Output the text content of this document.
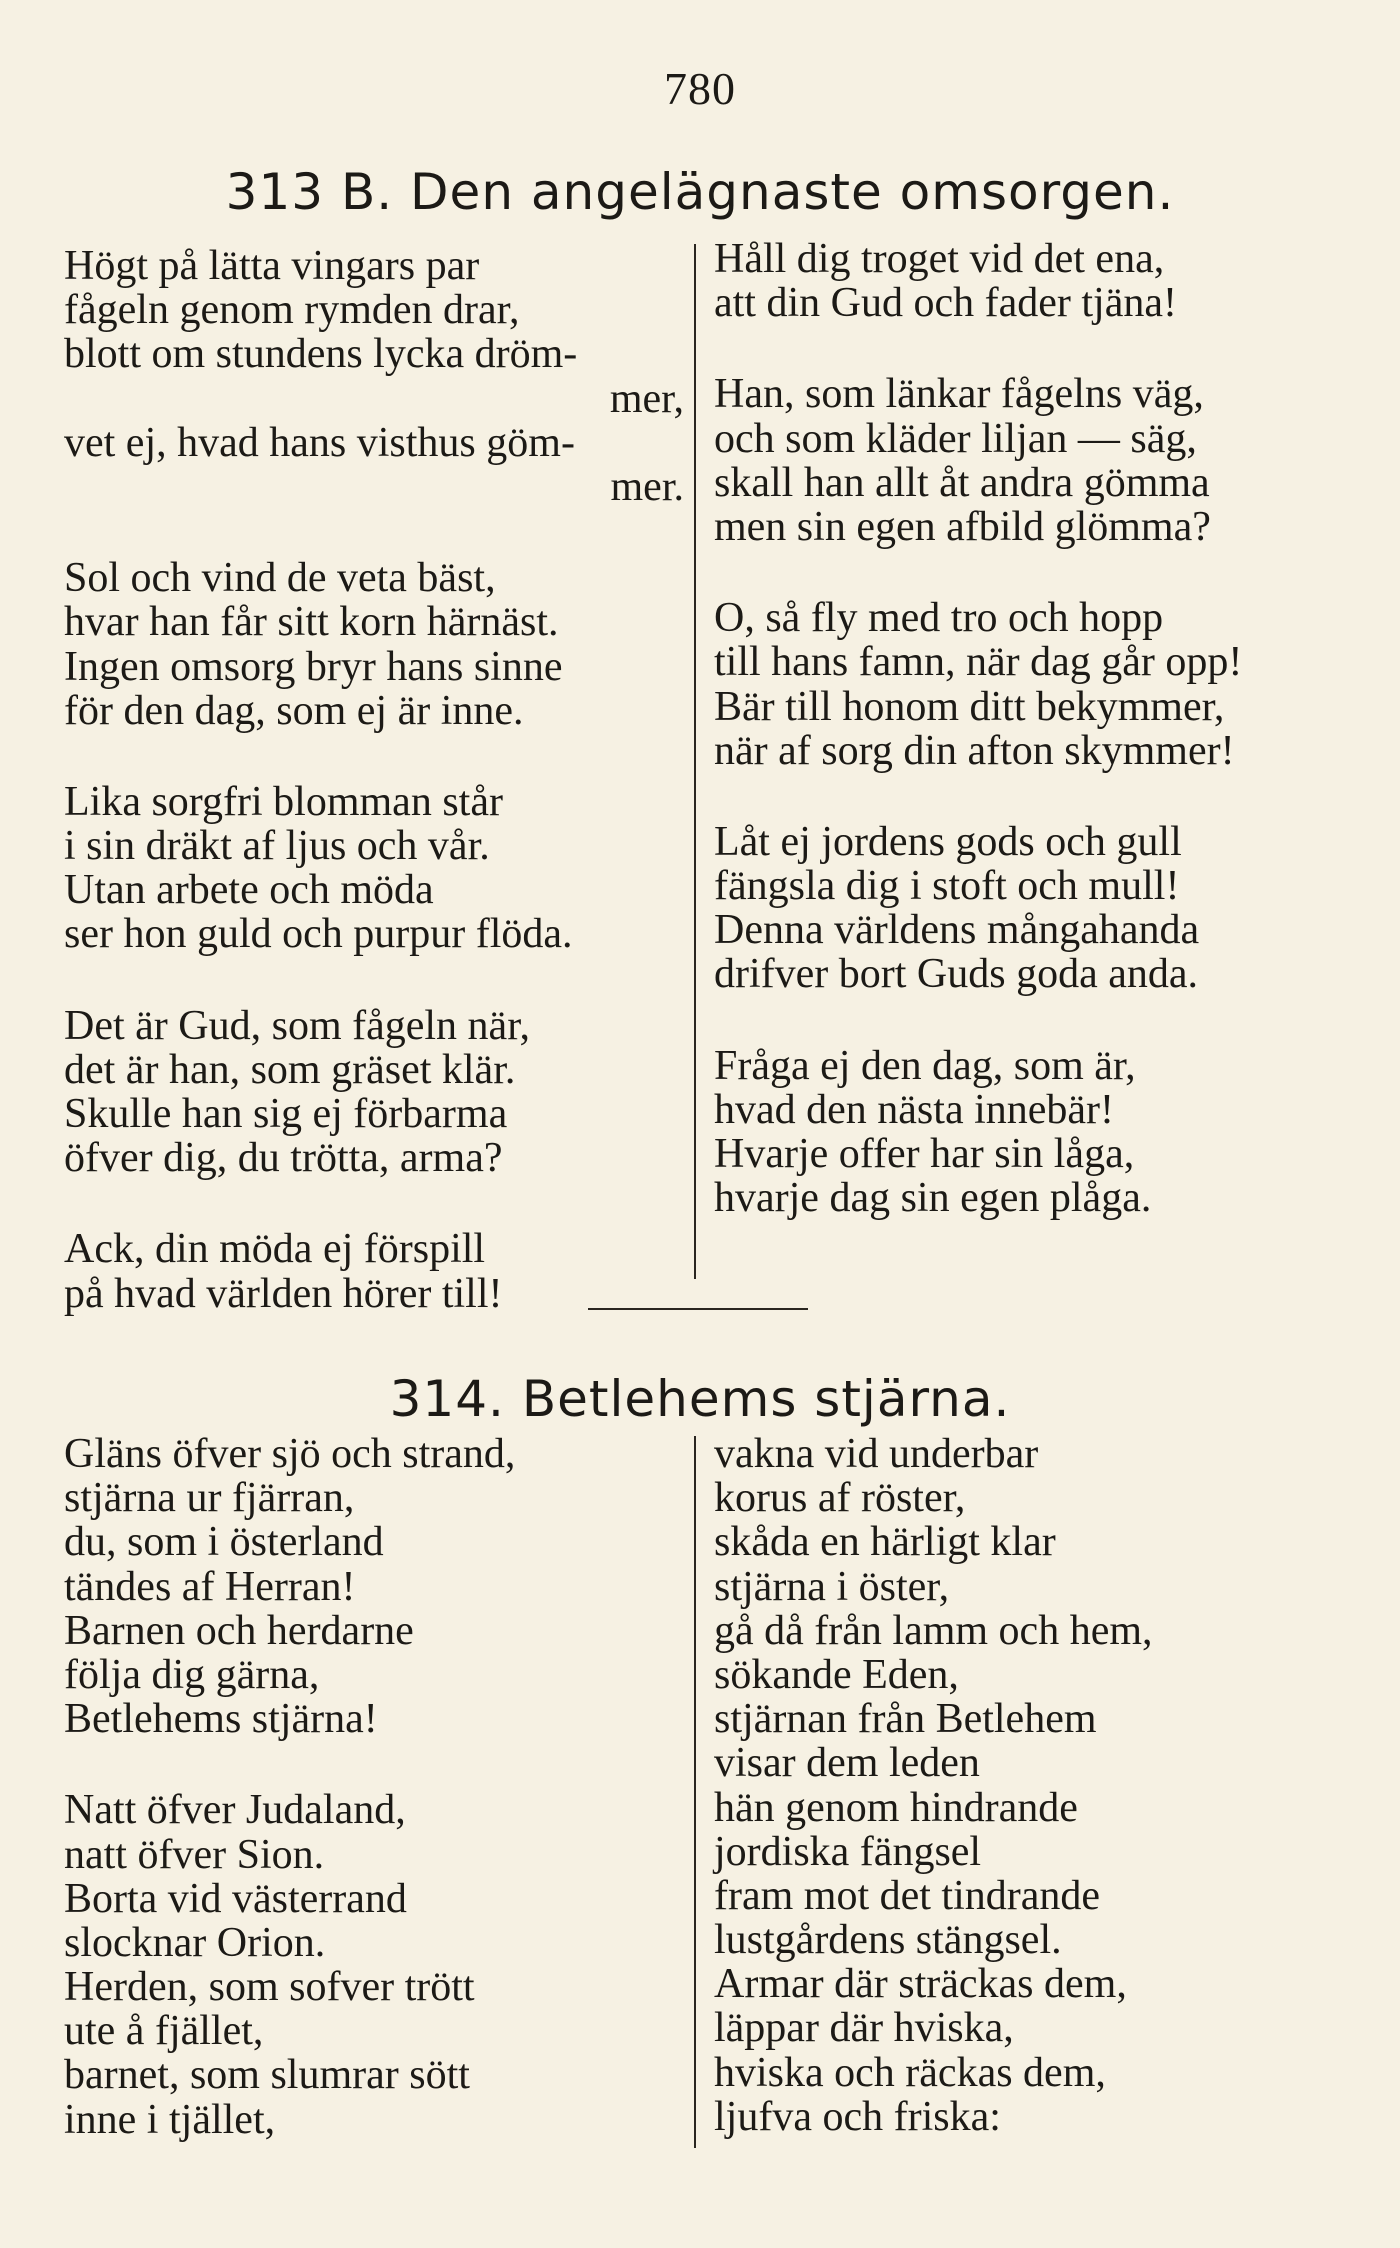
780
313 B. Den angelägnaste omsorgen.
Högt på lätta vingars par
fågeln genom rymden drar,
blott om stundens lycka dröm-
mer,
vet ej, hvad hans visthus göm-
mer.
Sol och vind de veta bäst,
hvar han får sitt korn härnäst.
Ingen omsorg bryr hans sinne
för den dag, som ej är inne.
Lika sorgfri blomman står
i sin dräkt af ljus och vår.
Utan arbete och möda
ser hon guld och purpur flöda.
Det är Gud, som fågeln när,
det är han, som gräset klär.
Skulle han sig ej förbarma
öfver dig, du trötta, arma?
Ack, din möda ej förspill
på hvad världen hörer till!
Håll dig troget vid det ena,
att din Gud och fader tjäna!
Han, som länkar fågelns väg,
och som kläder liljan — säg,
skall han allt åt andra gömma
men sin egen afbild glömma?
O, så fly med tro och hopp
till hans famn, när dag går opp!
Bär till honom ditt bekymmer,
när af sorg din afton skymmer!
Låt ej jordens gods och gull
fängsla dig i stoft och mull!
Denna världens mångahanda
drifver bort Guds goda anda.
Fråga ej den dag, som är,
hvad den nästa innebär!
Hvarje offer har sin låga,
hvarje dag sin egen plåga.
314. Betlehems stjärna.
Gläns öfver sjö och strand,
stjärna ur fjärran,
du, som i österland
tändes af Herran!
Barnen och herdarne
följa dig gärna,
Betlehems stjärna!
Natt öfver Judaland,
natt öfver Sion.
Borta vid västerrand
slocknar Orion.
Herden, som sofver trött
ute å fjället,
barnet, som slumrar sött
inne i tjället,
vakna vid underbar
korus af röster,
skåda en härligt klar
stjärna i öster,
gå då från lamm och hem,
sökande Eden,
stjärnan från Betlehem
visar dem leden
hän genom hindrande
jordiska fängsel
fram mot det tindrande
lustgårdens stängsel.
Armar där sträckas dem,
läppar där hviska,
hviska och räckas dem,
ljufva och friska:
